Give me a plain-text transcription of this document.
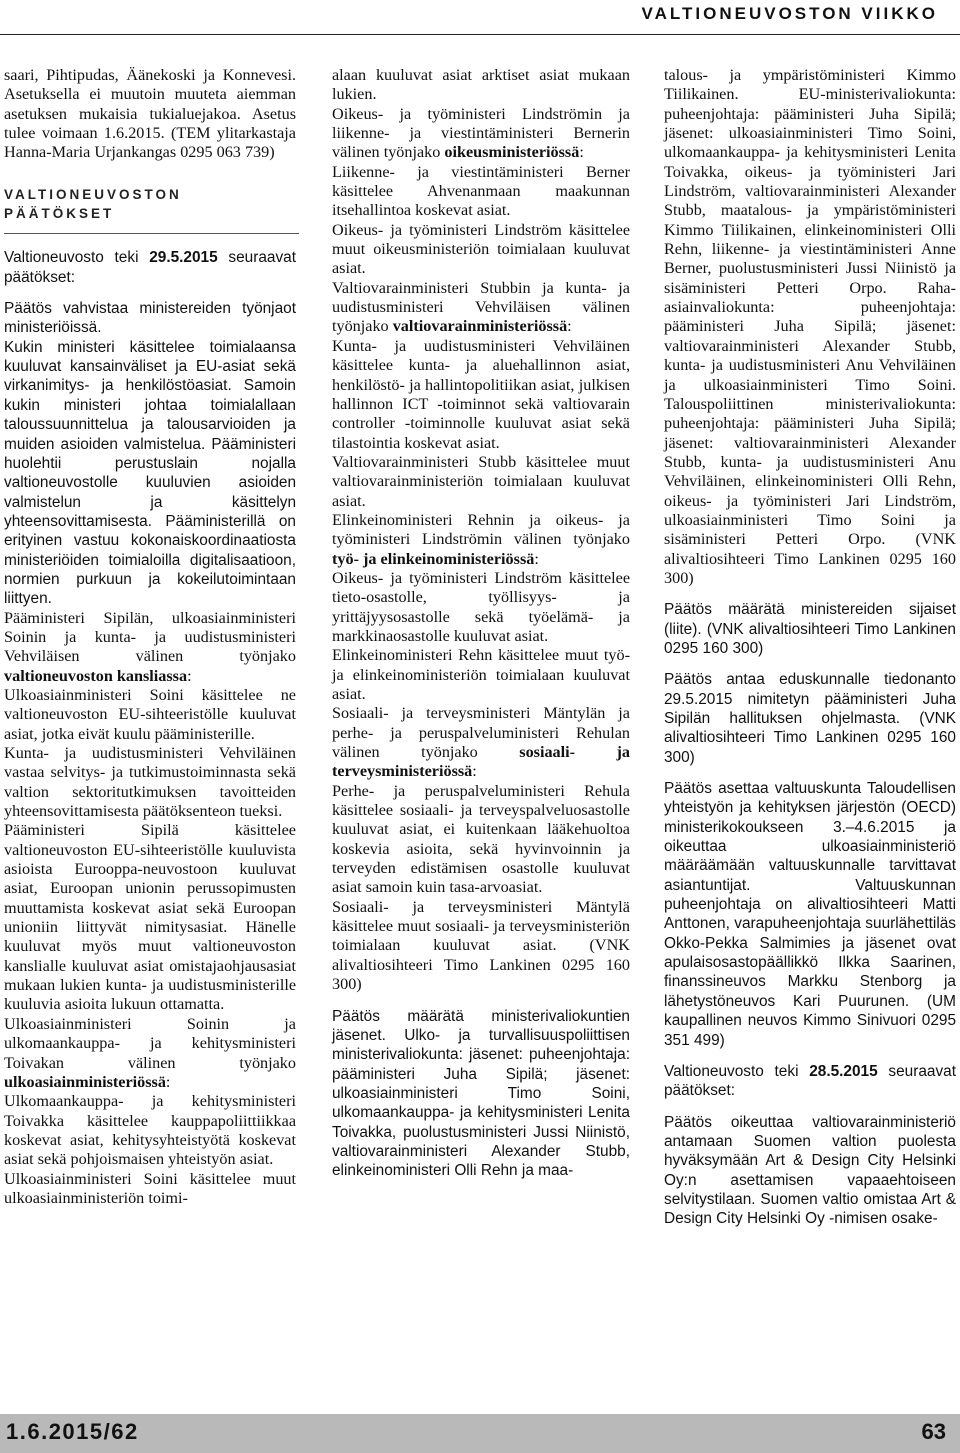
VALTIONEUVOSTON VIIKKO

saari, Pihtipudas, Äänekoski ja Konnevesi. Asetuksella ei muutoin muuteta aiemman asetuksen mukaisia tukialuejakoa. Asetus tulee voimaan 1.6.2015. (TEM ylitarkastaja Hanna-Maria Urjankangas 0295 063 739)

VALTIONEUVOSTON PÄÄTÖKSET

Valtioneuvosto teki 29.5.2015 seuraavat päätökset:

Päätös vahvistaa ministereiden työnjaot ministeriöissä.

Kukin ministeri käsittelee toimialaansa kuuluvat kansainväliset ja EU-asiat sekä virkanimitys- ja henkilöstöasiat. Samoin kukin ministeri johtaa toimialallaan taloussuunnittelua ja talousarvioiden ja muiden asioiden valmistelua. Pääministeri huolehtii perustuslain nojalla valtioneuvostolle kuuluvien asioiden valmistelun ja käsittelyn yhteensovittamisesta. Pääministerillä on erityinen vastuu kokonaiskoordinaatiosta ministeriöiden toimialoilla digitalisaatioon, normien purkuun ja kokeilutoimintaan liittyen.

Pääministeri Sipilän, ulkoasiainministeri Soinin ja kunta- ja uudistusministeri Vehviläisen välinen työnjako valtioneuvoston kansliassa:

Ulkoasiainministeri Soini käsittelee ne valtioneuvoston EU-sihteeristölle kuuluvat asiat, jotka eivät kuulu pääministerille.

Kunta- ja uudistusministeri Vehviläinen vastaa selvitys- ja tutkimustoiminnasta sekä valtion sektoritutkimuksen tavoitteiden yhteensovittamisesta päätöksenteon tueksi.

Pääministeri Sipilä käsittelee valtioneuvoston EU-sihteeristölle kuuluvista asioista Eurooppa-neuvostoon kuuluvat asiat, Euroopan unionin perussopimusten muuttamista koskevat asiat sekä Euroopan unioniin liittyvät nimitysasiat. Hänelle kuuluvat myös muut valtioneuvoston kanslialle kuuluvat asiat omistajaohjausasiat mukaan lukien kunta- ja uudistusministerille kuuluvia asioita lukuun ottamatta.

Ulkoasiainministeri Soinin ja ulkomaankauppa- ja kehitysministeri Toivakan välinen työnjako ulkoasiainministeriössä:

Ulkomaankauppa- ja kehitysministeri Toivakka käsittelee kauppapoliittiikkaa koskevat asiat, kehitysyhteistyötä koskevat asiat sekä pohjoismaisen yhteistyön asiat.

Ulkoasiainministeri Soini käsittelee muut ulkoasiainministeriön toimi-

alaan kuuluvat asiat arktiset asiat mukaan lukien.

Oikeus- ja työministeri Lindströmin ja liikenne- ja viestintäministeri Bernerin välinen työnjako oikeusministeriössä:

Liikenne- ja viestintäministeri Berner käsittelee Ahvenanmaan maakunnan itsehallintoa koskevat asiat.

Oikeus- ja työministeri Lindström käsittelee muut oikeusministeriön toimialaan kuuluvat asiat.

Valtiovarainministeri Stubbin ja kunta- ja uudistusministeri Vehviläisen välinen työnjako valtiovarainministeriössä:

Kunta- ja uudistusministeri Vehviläinen käsittelee kunta- ja aluehallinnon asiat, henkilöstö- ja hallintopolitiikan asiat, julkisen hallinnon ICT -toiminnot sekä valtiovarain controller -toiminnolle kuuluvat asiat sekä tilastointia koskevat asiat.

Valtiovarainministeri Stubb käsittelee muut valtiovarainministeriön toimialaan kuuluvat asiat.

Elinkeinoministeri Rehnin ja oikeus- ja työministeri Lindströmin välinen työnjako työ- ja elinkeinoministeriössä:

Oikeus- ja työministeri Lindström käsittelee tieto-osastolle, työllisyys- ja yrittäjyysosastolle sekä työelämä- ja markkinaosastolle kuuluvat asiat.

Elinkeinoministeri Rehn käsittelee muut työ- ja elinkeinoministeriön toimialaan kuuluvat asiat.

Sosiaali- ja terveysministeri Mäntylän ja perhe- ja peruspalveluministeri Rehulan välinen työnjako sosiaali- ja terveysministeriössä:

Perhe- ja peruspalveluministeri Rehula käsittelee sosiaali- ja terveyspalveluosastolle kuuluvat asiat, ei kuitenkaan lääkehuoltoa koskevia asioita, sekä hyvinvoinnin ja terveyden edistämisen osastolle kuuluvat asiat samoin kuin tasa-arvoasiat.

Sosiaali- ja terveysministeri Mäntylä käsittelee muut sosiaali- ja terveysministeriön toimialaan kuuluvat asiat. (VNK alivaltiosihteeri Timo Lankinen 0295 160 300)

Päätös määrätä ministerivaliokuntien jäsenet. Ulko- ja turvallisuuspoliittisen ministerivaliokunta: jäsenet: puheenjohtaja: pääministeri Juha Sipilä; jäsenet: ulkoasiainministeri Timo Soini, ulkomaankauppa- ja kehitysministeri Lenita Toivakka, puolustusministeri Jussi Niinistö, valtiovarainministeri Alexander Stubb, elinkeinoministeri Olli Rehn ja maa-

talous- ja ympäristöministeri Kimmo Tiilikainen. EU-ministerivaliokunta: puheenjohtaja: pääministeri Juha Sipilä; jäsenet: ulkoasiainministeri Timo Soini, ulkomaankauppa- ja kehitysministeri Lenita Toivakka, oikeus- ja työministeri Jari Lindström, valtiovarainministeri Alexander Stubb, maatalous- ja ympäristöministeri Kimmo Tiilikainen, elinkeinoministeri Olli Rehn, liikenne- ja viestintäministeri Anne Berner, puolustusministeri Jussi Niinistö ja sisäministeri Petteri Orpo. Raha-asiainvaliokunta: puheenjohtaja: pääministeri Juha Sipilä; jäsenet: valtiovarainministeri Alexander Stubb, kunta- ja uudistusministeri Anu Vehviläinen ja ulkoasiainministeri Timo Soini. Talouspoliittinen ministerivaliokunta: puheenjohtaja: pääministeri Juha Sipilä; jäsenet: valtiovarainministeri Alexander Stubb, kunta- ja uudistusministeri Anu Vehviläinen, elinkeinoministeri Olli Rehn, oikeus- ja työministeri Jari Lindström, ulkoasiainministeri Timo Soini ja sisäministeri Petteri Orpo. (VNK alivaltiosihteeri Timo Lankinen 0295 160 300)

Päätös määrätä ministereiden sijaiset (liite). (VNK alivaltiosihteeri Timo Lankinen 0295 160 300)

Päätös antaa eduskunnalle tiedonanto 29.5.2015 nimitetyn pääministeri Juha Sipilän hallituksen ohjelmasta. (VNK alivaltiosihteeri Timo Lankinen 0295 160 300)

Päätös asettaa valtuuskunta Taloudellisen yhteistyön ja kehityksen järjestön (OECD) ministerikokoukseen 3.–4.6.2015 ja oikeuttaa ulkoasiainministeriö määräämään valtuuskunnalle tarvittavat asiantuntijat. Valtuuskunnan puheenjohtaja on alivaltiosihteeri Matti Anttonen, varapuheenjohtaja suurlähettiläs Okko-Pekka Salmimies ja jäsenet ovat apulaisosastopäällikkö Ilkka Saarinen, finanssineuvos Markku Stenborg ja lähetystöneuvos Kari Puurunen. (UM kaupallinen neuvos Kimmo Sinivuori 0295 351 499)

Valtioneuvosto teki 28.5.2015 seuraavat päätökset:

Päätös oikeuttaa valtiovarainministeriö antamaan Suomen valtion puolesta hyväksymään Art & Design City Helsinki Oy:n asettamisen vapaaehtoiseen selvitystilaan. Suomen valtio omistaa Art & Design City Helsinki Oy -nimisen osake-

1.6.2015/62	63
